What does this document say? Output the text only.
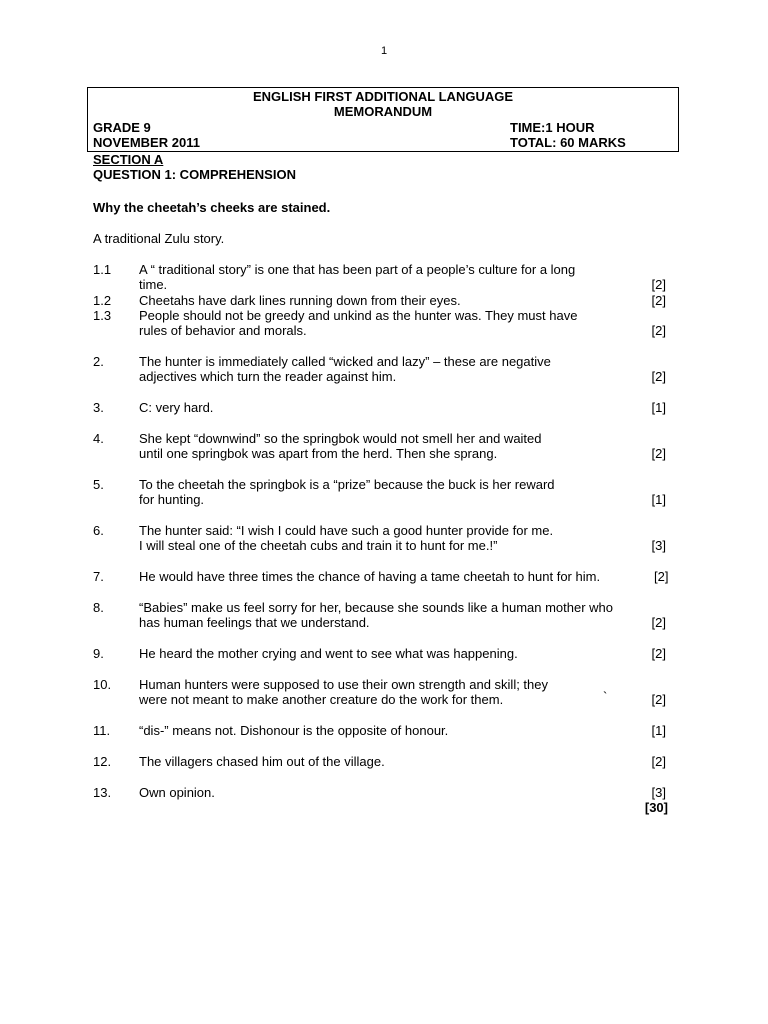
1
ENGLISH FIRST ADDITIONAL LANGUAGE
MEMORANDUM
GRADE 9
NOVEMBER 2011
TIME:1 HOUR
TOTAL: 60 MARKS
SECTION A
QUESTION 1: COMPREHENSION
Why the cheetah’s cheeks are stained.
A traditional Zulu story.
1.1 A “ traditional story” is one that has been part of a people’s culture for a long
time.	[2]
1.2 Cheetahs have dark lines running down from their eyes.	[2]
1.3 People should not be greedy and unkind as the hunter was. They must have
rules of behavior and morals.	[2]
2.	The hunter is immediately called “wicked and lazy” – these are negative
adjectives which turn the reader against him.	[2]
3.	C: very hard.	[1]
4.	She kept “downwind” so the springbok would not smell her and waited
until one springbok was apart from the herd. Then she sprang.	[2]
5.	To the cheetah the springbok is a “prize” because the buck is her reward
for hunting.	[1]
6.	The hunter said: “I wish I could have such a good hunter provide for me.
I will steal one of the cheetah cubs and train it to hunt for me.!”	[3]
7.	He would have three times the chance of having a tame cheetah to hunt for him.	[2]
8.	“Babies” make us feel sorry for her, because she sounds like a human mother who
has human feelings that we understand.	[2]
9.	He heard the mother crying and went to see what was happening.	[2]
10. Human hunters were supposed to use their own strength and skill; they
were not meant to make another creature do the work for them.	`	[2]
11. “dis-” means not. Dishonour is the opposite of honour.	[1]
12. The villagers chased him out of the village.	[2]
13. Own opinion.	[3]
[30]
